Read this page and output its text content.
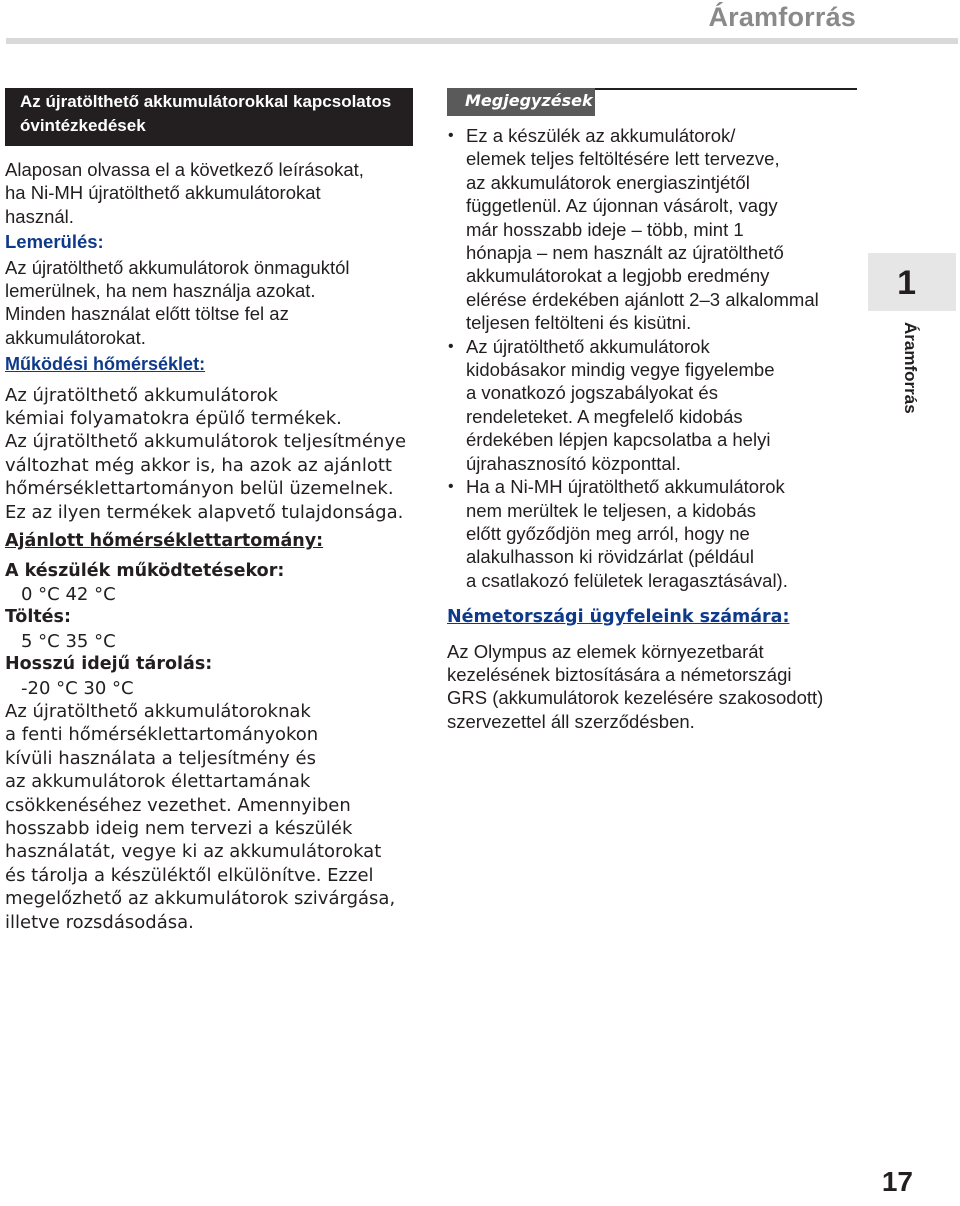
Áramforrás
Az újratölthető akkumulátorokkal kapcsolatos
óvintézkedések
Alaposan olvassa el a következő leírásokat,
ha Ni-MH újratölthető akkumulátorokat
használ.
Lemerülés:
Az újratölthető akkumulátorok önmaguktól
lemerülnek, ha nem használja azokat.
Minden használat előtt töltse fel az
akkumulátorokat.
Működési hőmérséklet:
Az újratölthető akkumulátorok
kémiai folyamatokra épülő termékek.
Az újratölthető akkumulátorok teljesítménye
változhat még akkor is, ha azok az ajánlott
hőmérséklettartományon belül üzemelnek.
Ez az ilyen termékek alapvető tulajdonsága.
Ajánlott hőmérséklettartomány:
A készülék működtetésekor:
0 °C 42 °C
Töltés:
5 °C 35 °C
Hosszú idejű tárolás:
-20 °C 30 °C
Az újratölthető akkumulátoroknak
a fenti hőmérséklettartományokon
kívüli használata a teljesítmény és
az akkumulátorok élettartamának
csökkenéséhez vezethet. Amennyiben
hosszabb ideig nem tervezi a készülék
használatát, vegye ki az akkumulátorokat
és tárolja a készüléktől elkülönítve. Ezzel
megelőzhető az akkumulátorok szivárgása,
illetve rozsdásodása.
Megjegyzések
• Ez a készülék az akkumulátorok/
elemek teljes feltöltésére lett tervezve,
az akkumulátorok energiaszintjétől
függetlenül. Az újonnan vásárolt, vagy
már hosszabb ideje – több, mint 1
hónapja – nem használt az újratölthető
akkumulátorokat a legjobb eredmény
elérése érdekében ajánlott 2–3 alkalommal
teljesen feltölteni és kisütni.
• Az újratölthető akkumulátorok
kidobásakor mindig vegye figyelembe
a vonatkozó jogszabályokat és
rendeleteket. A megfelelő kidobás
érdekében lépjen kapcsolatba a helyi
újrahasznosító központtal.
• Ha a Ni-MH újratölthető akkumulátorok
nem merültek le teljesen, a kidobás
előtt győződjön meg arról, hogy ne
alakulhasson ki rövidzárlat (például
a csatlakozó felületek leragasztásával).
Németországi ügyfeleink számára:
Az Olympus az elemek környezetbarát
kezelésének biztosítására a németországi
GRS (akkumulátorok kezelésére szakosodott)
szervezettel áll szerződésben.
1
Áramforrás
17
